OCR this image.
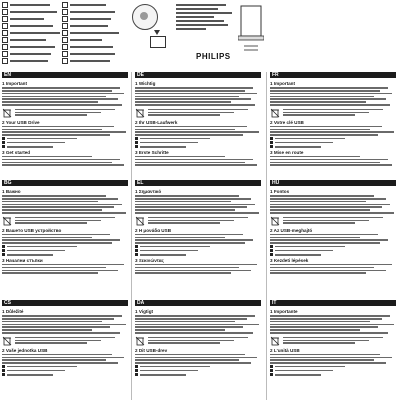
PHILIPS
EN
1 Important
2 Your USB Drive
3 Get started
BG
1 Важно
2 Вашето USB устройство
3 Начални стъпки
CS
1 Důležité
2 Vaše jednotka USB
DE
1 Wichtig
2 Ihr USB-Laufwerk
3 Erste Schritte
EL
1 Σημαντικό
2 Η μονάδα USB
3 Ξεκινώντας
DA
1 Vigtigt
2 Dit USB-drev
FR
1 Important
2 Votre clé USB
3 Mise en route
HU
1 Fontos
2 Az USB-meghajtó
3 Kezdeti lépések
IT
1 Importante
2 L'unità USB
